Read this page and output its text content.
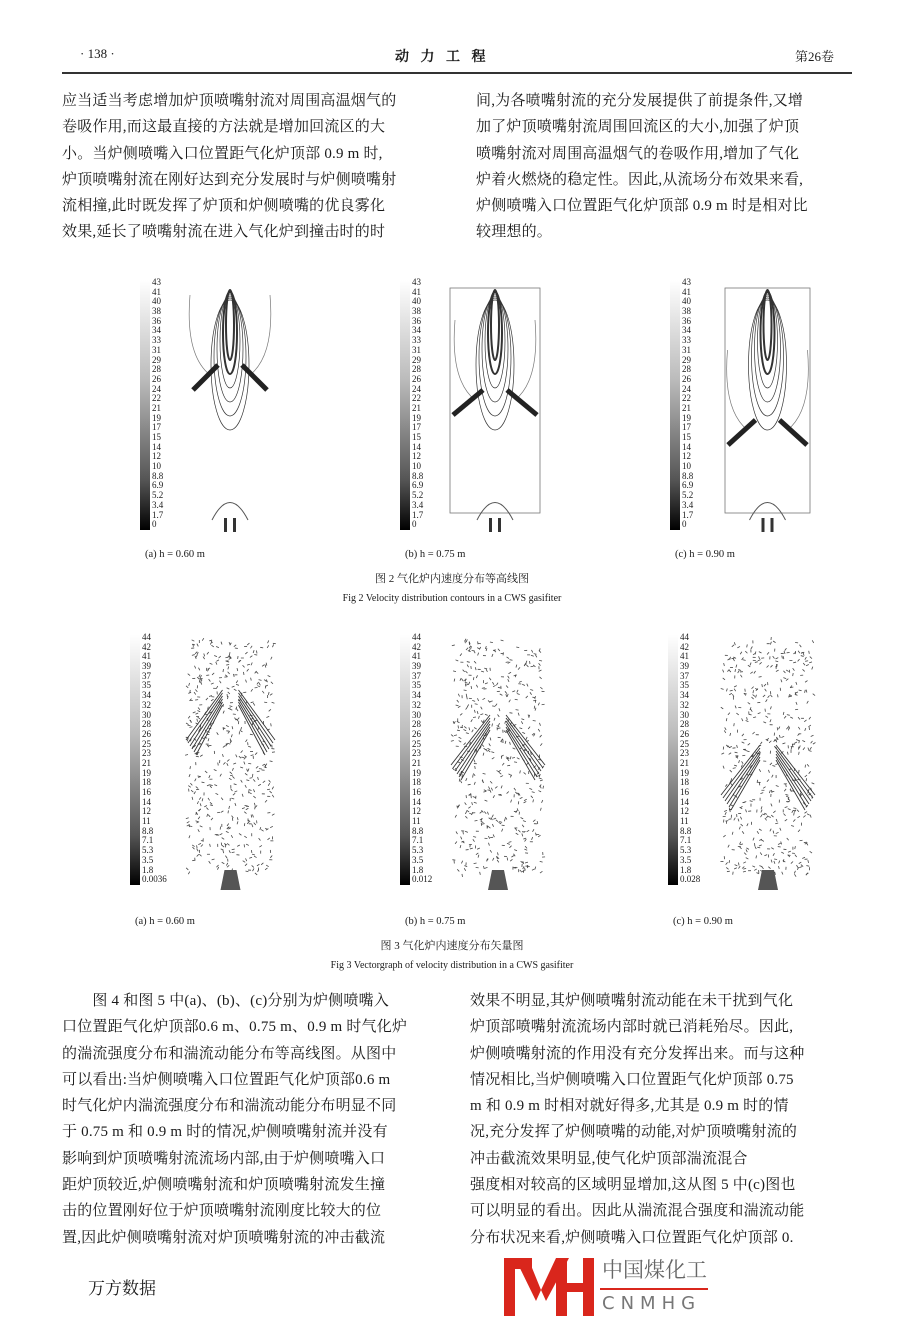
· 138 ·	动 力 工 程	第26卷
应当适当考虑增加炉顶喷嘴射流对周围高温烟气的
卷吸作用,而这最直接的方法就是增加回流区的大
小。当炉侧喷嘴入口位置距气化炉顶部 0.9 m 时,
炉顶喷嘴射流在刚好达到充分发展时与炉侧喷嘴射
流相撞,此时既发挥了炉顶和炉侧喷嘴的优良雾化
效果,延长了喷嘴射流在进入气化炉到撞击时的时
间,为各喷嘴射流的充分发展提供了前提条件,又增
加了炉顶喷嘴射流周围回流区的大小,加强了炉顶
喷嘴射流对周围高温烟气的卷吸作用,增加了气化
炉着火燃烧的稳定性。因此,从流场分布效果来看,
炉侧喷嘴入口位置距气化炉顶部 0.9 m 时是相对比
较理想的。
43
41
40
38
36
34
33
31
29
28
26
24
22
21
19
17
15
14
12
10
8.8
6.9
5.2
3.4
1.7
0
(a) h = 0.60 m
43
41
40
38
36
34
33
31
29
28
26
24
22
21
19
17
15
14
12
10
8.8
6.9
5.2
3.4
1.7
0
(b) h = 0.75 m
43
41
40
38
36
34
33
31
29
28
26
24
22
21
19
17
15
14
12
10
8.8
6.9
5.2
3.4
1.7
0
(c) h = 0.90 m
图 2 气化炉内速度分布等高线图
Fig 2 Velocity distribution contours in a CWS gasifiter
44
42
41
39
37
35
34
32
30
28
26
25
23
21
19
18
16
14
12
11
8.8
7.1
5.3
3.5
1.8
0.0036
(a) h = 0.60 m
44
42
41
39
37
35
34
32
30
28
26
25
23
21
19
18
16
14
12
11
8.8
7.1
5.3
3.5
1.8
0.012
(b) h = 0.75 m
44
42
41
39
37
35
34
32
30
28
26
25
23
21
19
18
16
14
12
11
8.8
7.1
5.3
3.5
1.8
0.028
(c) h = 0.90 m
图 3 气化炉内速度分布矢量图
Fig 3 Vectorgraph of velocity distribution in a CWS gasifiter
　　图 4 和图 5 中(a)、(b)、(c)分别为炉侧喷嘴入
口位置距气化炉顶部0.6 m、0.75 m、0.9 m 时气化炉
的湍流强度分布和湍流动能分布等高线图。从图中
可以看出:当炉侧喷嘴入口位置距气化炉顶部0.6 m
时气化炉内湍流强度分布和湍流动能分布明显不同
于 0.75 m 和 0.9 m 时的情况,炉侧喷嘴射流并没有
影响到炉顶喷嘴射流流场内部,由于炉侧喷嘴入口
距炉顶较近,炉侧喷嘴射流和炉顶喷嘴射流发生撞
击的位置刚好位于炉顶喷嘴射流刚度比较大的位
置,因此炉侧喷嘴射流对炉顶喷嘴射流的冲击截流
效果不明显,其炉侧喷嘴射流动能在未干扰到气化
炉顶部喷嘴射流流场内部时就已消耗殆尽。因此,
炉侧喷嘴射流的作用没有充分发挥出来。而与这种
情况相比,当炉侧喷嘴入口位置距气化炉顶部 0.75
m 和 0.9 m 时相对就好得多,尤其是 0.9 m 时的情
况,充分发挥了炉侧喷嘴的动能,对炉顶喷嘴射流的
冲击截流效果明显,使气化炉顶部湍流混合
强度相对较高的区域明显增加,这从图 5 中(c)图也
可以明显的看出。因此从湍流混合强度和湍流动能
分布状况来看,炉侧喷嘴入口位置距气化炉顶部 0.
中国煤化工
CNMHG
万方数据
